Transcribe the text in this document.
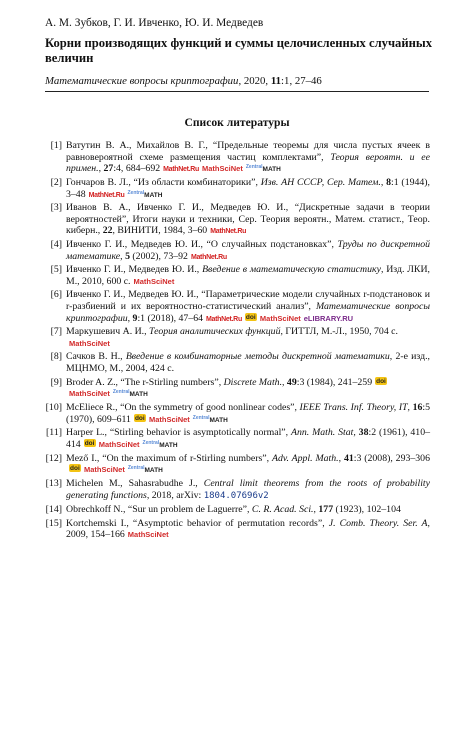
А. М. Зубков, Г. И. Ивченко, Ю. И. Медведев
Корни производящих функций и суммы целочисленных случайных величин
Математические вопросы криптографии, 2020, 11:1, 27–46
Список литературы
[1] Ватутин В. А., Михайлов В. Г., “Предельные теоремы для числа пустых ячеек в равновероятной схеме размещения частиц комплектами”, Теория вероятн. и ее примен., 27:4, 684–692 MathNet.Ru MathSciNet $^{Zentral}$MATH
[2] Гончаров В. Л., “Из области комбинаторики”, Изв. АН СССР, Сер. Матем., 8:1 (1944), 3–48 MathNet.Ru $^{Zentral}$MATH
[3] Иванов В. А., Ивченко Г. И., Медведев Ю. И., “Дискретные задачи в теории вероятностей”, Итоги науки и техники, Сер. Теория вероятн., Матем. статист., Теор. киберн., 22, ВИНИТИ, 1984, 3–60 MathNet.Ru
[4] Ивченко Г. И., Медведев Ю. И., “О случайных подстановках”, Труды по дискретной математике, 5 (2002), 73–92 MathNet.Ru
[5] Ивченко Г. И., Медведев Ю. И., Введение в математическую статистику, Изд. ЛКИ, М., 2010, 600 с. MathSciNet
[6] Ивченко Г. И., Медведев Ю. И., “Параметрические модели случайных r-подстановок и r-разбиений и их вероятностно-статистический анализ”, Математические вопросы криптографии, 9:1 (2018), 47–64 MathNet.Ru doi MathSciNet eLIBRARY.RU
[7] Маркушевич А. И., Теория аналитических функций, ГИТТЛ, М.-Л., 1950, 704 с.
MathSciNet
[8] Сачков В. Н., Введение в комбинаторные методы дискретной математики, 2-е изд., МЦНМО, М., 2004, 424 с.
[9] Broder A. Z., “The r-Stirling numbers”, Discrete Math., 49:3 (1984), 241–259 doi

MathSciNet $^{Zentral}$MATH
[10] McEliece R., “On the symmetry of good nonlinear codes”, IEEE Trans. Inf. Theory, IT, 16:5 (1970), 609–611 doi MathSciNet $^{Zentral}$MATH
[11] Harper L., “Stirling behavior is asymptotically normal”, Ann. Math. Stat, 38:2 (1961), 410–414 doi MathSciNet $^{Zentral}$MATH
[12] Mező I., “On the maximum of r-Stirling numbers”, Adv. Appl. Math., 41:3 (2008), 293–306
doi MathSciNet $^{Zentral}$MATH
[13] Michelen M., Sahasrabudhe J., Central limit theorems from the roots of probability generating functions, 2018, arXiv: 1804.07696v2
[14] Obrechkoff N., “Sur un problem de Laguerre”, C. R. Acad. Sci., 177 (1923), 102–104
[15] Kortchemski I., “Asymptotic behavior of permutation records”, J. Comb. Theory. Ser. A, 2009, 154–166 MathSciNet
